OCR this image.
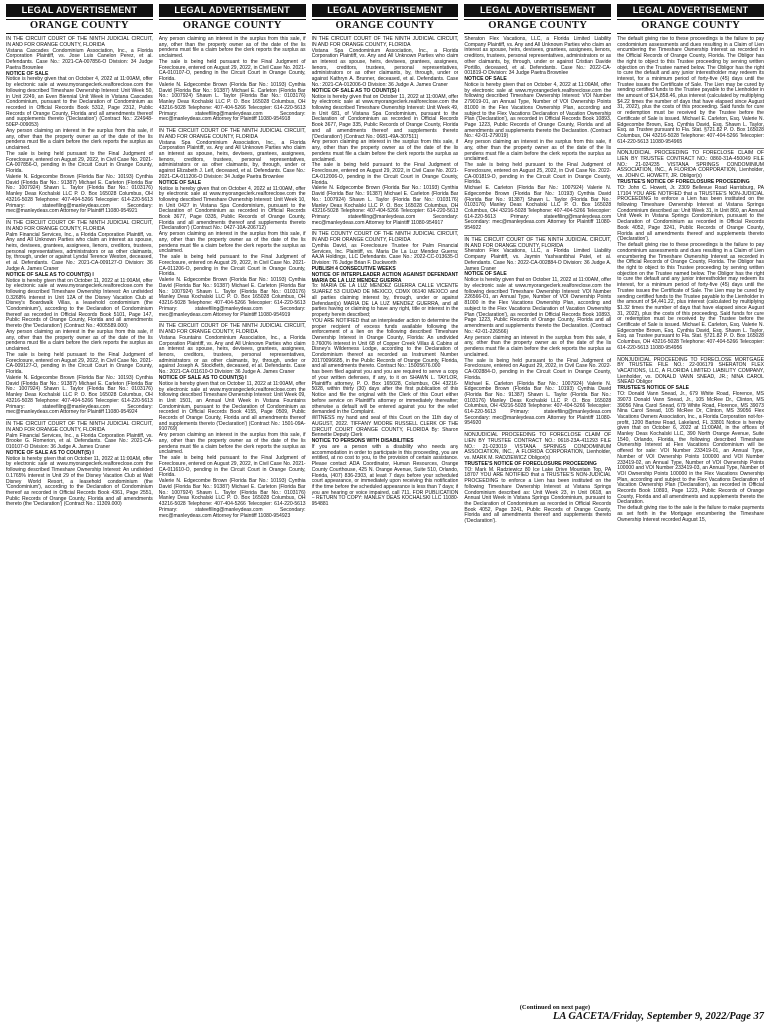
LEGAL ADVERTISEMENT
ORANGE COUNTY

IN THE CIRCUIT COURT OF THE NINTH JUDICIAL CIRCUIT, IN AND FOR ORANGE COUNTY, FLORIDA

Vistana Cascades Condominium Association, Inc., a Florida Corporation Plaintiff, vs. Jose Luis Canelon Perez, et al. Defendants. Case No.: 2021-CA-007856-O Division: 34 Judge Paetra Brownlee

NOTICE OF SALE

Notice is hereby given that on October 4, 2022 at 11:00AM, offer by electronic sale at www.myorangeclerk.realforeclose.com the following described Timeshare Ownership Interest: Unit Week 50, in Unit 2249, an Even Biennial Unit Week in Vistana Cascades Condominium, pursuant to the Declaration of Condominium as recorded in Official Records Book 5312, Page 2312, Public Records of Orange County, Florida and all amendments thereof and supplements thereto ('Declaration') (Contract No.: 224948-50EP-009053)

Any person claiming an interest in the surplus from this sale, if any, other than the property owner as of the date of the lis pendens must file a claim before the clerk reports the surplus as unclaimed.

The sale is being held pursuant to the Final Judgment of Foreclosure, entered on August 29, 2022, in Civil Case No. 2021-CA-007856-O, pending in the Circuit Court in Orange County, Florida.

Valerie N. Edgecombe Brown (Florida Bar No.: 10193) Cynthia David (Florida Bar No.: 91387) Michael E. Carleton (Florida Bar No.: 1007924) Shawn L. Taylor (Florida Bar No.: 0103176) Manley Deas Kochalski LLC P. O. Box 165028 Columbus, OH 43216-5028 Telephone: 407-404-5266 Telecopier: 614-220-5613 Primary: stateefiling@manleydeas.com Secondary: mec@manleydeas.com Attorney for Plaintiff 11080-954921

IN THE CIRCUIT COURT OF THE NINTH JUDICIAL CIRCUIT, IN AND FOR ORANGE COUNTY, FLORIDA

Palm Financial Services, Inc., a Florida Corporation Plaintiff, vs. Any and All Unknown Parties who claim an interest as spouse, heirs, devisees, grantees, assignees, lienors, creditors, trustees, personal representatives, administrators or as other claimants, by, through, under or against Lyndal Terence Weston, deceased, et al. Defendants. Case No.: 2021-CA-009127-O Division: 36 Judge A. James Craner

NOTICE OF SALE AS TO COUNT(S) I

Notice is hereby given that on October 11, 2022 at 11:00AM, offer by electronic sale at www.myorangeclerk.realforeclose.com the following described Timeshare Ownership Interest: An undivided 0.3268% interest in Unit 12A of the Disney Vacation Club at Disney's Boardwalk Villas, a leasehold condominium (the 'Condominium'), according to the Declaration of Condominium thereof as recorded in Official Records Book 5101, Page 147, Public Records of Orange County, Florida and all amendments thereto (the 'Declaration') (Contract No.: 4005589.000)

Any person claiming an interest in the surplus from this sale, if any, other than the property owner as of the date of the lis pendens must file a claim before the clerk reports the surplus as unclaimed.

The sale is being held pursuant to the Final Judgment of Foreclosure, entered on August 29, 2022, in Civil Case No. 2021-CA-009127-O, pending in the Circuit Court in Orange County, Florida.

Valerie N. Edgecombe Brown (Florida Bar No.: 10193) Cynthia David (Florida Bar No.: 91387) Michael E. Carleton (Florida Bar No.: 1007924) Shawn L. Taylor (Florida Bar No.: 0103176) Manley Deas Kochalski LLC P. O. Box 165028 Columbus, OH 43216-5028 Telephone: 407-404-5266 Telecopier: 614-220-5613 Primary: stateefiling@manleydeas.com Secondary: mec@manleydeas.com Attorney for Plaintiff 11080-954924

IN THE CIRCUIT COURT OF THE NINTH JUDICIAL CIRCUIT, IN AND FOR ORANGE COUNTY, FLORIDA

Palm Financial Services, Inc., a Florida Corporation Plaintiff, vs. Brooke G. Romerion, et al. Defendants. Case No.: 2021-CA-010107-O Division: 36 Judge A. James Craner

NOTICE OF SALE AS TO COUNT(S) I

Notice is hereby given that on October 11, 2022 at 11:00AM, offer by electronic sale at www.myorangeclerk.realforeclose.com the following described Timeshare Ownership Interest: An undivided 0.1765% interest in Unit 29 of the Disney Vacation Club at Walt Disney World Resort, a leasehold condominium (the 'Condominium'), according to the Declaration of Condominium thereof as recorded in Official Records Book 4361, Page 2551, Public Records of Orange County, Florida and all amendments thereto (the 'Declaration') (Contract No.: 11309.000)

LEGAL ADVERTISEMENT
ORANGE COUNTY

Any person claiming an interest in the surplus from this sale, if any, other than the property owner as of the date of the lis pendens must file a claim before the clerk reports the surplus as unclaimed.

The sale is being held pursuant to the Final Judgment of Foreclosure, entered on August 29, 2022, in Civil Case No. 2021-CA-010107-O, pending in the Circuit Court in Orange County, Florida.

Valerie N. Edgecombe Brown (Florida Bar No.: 10193) Cynthia David (Florida Bar No.: 91387) Michael E. Carleton (Florida Bar No.: 1007924) Shawn L. Taylor (Florida Bar No.: 0103176) Manley Deas Kochalski LLC P. O. Box 165028 Columbus, OH 43216-5028 Telephone: 407-404-5266 Telecopier: 614-220-5613 Primary: stateefiling@manleydeas.com Secondary: mec@manleydeas.com Attorney for Plaintiff 11080-954918

IN THE CIRCUIT COURT OF THE NINTH JUDICIAL CIRCUIT, IN AND FOR ORANGE COUNTY, FLORIDA

Vistana Spa Condominium Association, Inc., a Florida Corporation Plaintiff, vs. Any and All Unknown Parties who claim an interest as spouse, heirs, devisees, grantees, assignees, lienors, creditors, trustees, personal representatives, administrators or as other claimants, by, through, under or against Elizabeth J. Leif, deceased, et al. Defendants. Case No.: 2021-CA-011206-O Division: 34 Judge Paetra Brownlee

NOTICE OF SALE

Notice is hereby given that on October 4, 2022 at 11:00AM, offer by electronic sale at www.myorangeclerk.realforeclose.com the following described Timeshare Ownership Interest: Unit Week 10, in Unit 0427 in Vistana Spa Condominium, pursuant to the Declaration of Condominium as recorded in Official Records Book 3677, Page 0335, Public Records of Orange County, Florida and all amendments thereof and supplements thereto ('Declaration') (Contract No.: 0427-10A-206712)

Any person claiming an interest in the surplus from this sale, if any, other than the property owner as of the date of the lis pendens must file a claim before the clerk reports the surplus as unclaimed.

The sale is being held pursuant to the Final Judgment of Foreclosure, entered on August 29, 2022, in Civil Case No. 2021-CA-011206-O, pending in the Circuit Court in Orange County, Florida.

Valerie N. Edgecombe Brown (Florida Bar No.: 10193) Cynthia David (Florida Bar No.: 91387) Michael E. Carleton (Florida Bar No.: 1007924) Shawn L. Taylor (Florida Bar No.: 0103176) Manley Deas Kochalski LLC P. O. Box 165028 Columbus, OH 43216-5028 Telephone: 407-404-5266 Telecopier: 614-220-5613 Primary: stateefiling@manleydeas.com Secondary: mec@manleydeas.com Attorney for Plaintiff 11080-954919

IN THE CIRCUIT COURT OF THE NINTH JUDICIAL CIRCUIT, IN AND FOR ORANGE COUNTY, FLORIDA

Vistana Fountains Condominium Association, Inc., a Florida Corporation Plaintiff, vs. Any and All Unknown Parties who claim an interest as spouse, heirs, devisees, grantees, assignees, lienors, creditors, trustees, personal representatives, administrators or as other claimants, by, through, under or against Joseph A. Stockfleth, deceased, et al. Defendants. Case No.: 2021-CA-011610-O Division: 36 Judge A. James Craner

NOTICE OF SALE AS TO COUNT(S) I

Notice is hereby given that on October 11, 2022 at 11:00AM, offer by electronic sale at www.myorangeclerk.realforeclose.com the following described Timeshare Ownership Interest: Unit Week 09, in Unit 1501, an Annual Unit Week in Vistana Fountains Condominium, pursuant to the Declaration of Condominium as recorded in Official Records Book 4155, Page 0509, Public Records of Orange County, Florida and all amendments thereof and supplements thereto ('Declaration') (Contract No.: 1501-09A-910769)

Any person claiming an interest in the surplus from this sale, if any, other than the property owner as of the date of the lis pendens must file a claim before the clerk reports the surplus as unclaimed.

The sale is being held pursuant to the Final Judgment of Foreclosure, entered on August 29, 2022, in Civil Case No. 2021-CA-011610-O, pending in the Circuit Court in Orange County, Florida.

Valerie N. Edgecombe Brown (Florida Bar No.: 10193) Cynthia David (Florida Bar No.: 91387) Michael E. Carleton (Florida Bar No.: 1007924) Shawn L. Taylor (Florida Bar No.: 0103176) Manley Deas Kochalski LLC P. O. Box 165028 Columbus, OH 43216-5028 Telephone: 407-404-5266 Telecopier: 614-220-5613 Primary: stateefiling@manleydeas.com Secondary: mec@manleydeas.com Attorney for Plaintiff 11080-954923

LEGAL ADVERTISEMENT
ORANGE COUNTY

IN THE CIRCUIT COURT OF THE NINTH JUDICIAL CIRCUIT, IN AND FOR ORANGE COUNTY, FLORIDA

Vistana Spa Condominium Association, Inc., a Florida Corporation Plaintiff, vs. Any and All Unknown Parties who claim an interest as spouse, heirs, devisees, grantees, assignees, lienors, creditors, trustees, personal representatives, administrators or as other claimants, by, through, under or against Kathryn A. Brunner, deceased, et al. Defendants. Case No.: 2021-CA-012006-O Division: 36 Judge A. James Craner

NOTICE OF SALE AS TO COUNT(S) I

Notice is hereby given that on October 11, 2022 at 11:00AM, offer by electronic sale at www.myorangeclerk.realforeclose.com the following described Timeshare Ownership Interest: Unit Week 49, in Unit 681, of Vistana Spa Condominium, pursuant to the Declaration of Condominium as recorded in Official Records Book 3677, Page 335, Public Records of Orange County, Florida and all amendments thereof and supplements thereto ('Declaration') (Contract No.: 0681-49A-307511)

Any person claiming an interest in the surplus from this sale, if any, other than the property owner as of the date of the lis pendens must file a claim before the clerk reports the surplus as unclaimed.

The sale is being held pursuant to the Final Judgment of Foreclosure, entered on August 29, 2022, in Civil Case No. 2021-CA-012006-O, pending in the Circuit Court in Orange County, Florida.

Valerie N. Edgecombe Brown (Florida Bar No.: 10193) Cynthia David (Florida Bar No.: 91387) Michael E. Carleton (Florida Bar No.: 1007924) Shawn L. Taylor (Florida Bar No.: 0103176) Manley Deas Kochalski LLC P. O. Box 165028 Columbus, OH 43216-5028 Telephone: 407-404-5266 Telecopier: 614-220-5613 Primary: stateefiling@manleydeas.com Secondary: mec@manleydeas.com Attorney for Plaintiff 11080-954917

IN THE COUNTY COURT OF THE NINTH JUDICIAL CIRCUIT, IN AND FOR ORANGE COUNTY, FLORIDA

Cynthia David, as Foreclosure Trustee for Palm Financial Services, Inc. Plaintiff, vs. Maria De La Luz Mendez Guerra; AAJA Holdings, LLC Defendants. Case No.: 2022-CC-013635-O Division: 76 Judge Brian F. Duckworth

PUBLISH 4 CONSECUTIVE WEEKS

NOTICE OF INTERPLEADER ACTION AGAINST DEFENDANT MARIA DE LA LUZ MENDEZ GUERRA

To: MARIA DE LA LUZ MENDEZ GUERRA CALLE VICENTE SUAREZ 53 CIUDAD DE MEXICO, CDMX 06140 MEXICO and all parties claiming interest by, through, under or against Defendant(s) MARIA DE LA LUZ MENDEZ GUERRA, and all parties having or claiming to have any right, title or interest in the property herein described;

YOU ARE NOTIFIED that an interpleader action to determine the proper recipient of excess funds available following the enforcement of a lien on the following described Timeshare Ownership Interest in Orange County, Florida: An undivided 0.7600% interest in Unit 68 of Copper Creek Villas & Cabins at Disney's Wilderness Lodge, according to the Declaration of Condominium thereof as recorded as Instrument Number 20170096685, in the Public Records of Orange County, Florida, and all amendments thereto. Contract No.: 15005676.000

has been filed against you and you are required to serve a copy of your written defenses, if any, to it on SHAWN L. TAYLOR, Plaintiff's attorney, P. O. Box 165028, Columbus, OH 43216-5028, within thirty (30) days after the first publication of this Notice and file the original with the Clerk of this Court either before service on Plaintiff's attorney or immediately thereafter; otherwise a default will be entered against you for the relief demanded in the Complaint.

WITNESS my hand and seal of this Court on the 11th day of AUGUST, 2022. TIFFANY MOORE RUSSELL CLERK OF THE CIRCUIT COURT ORANGE COUNTY, FLORIDA By: Sharon Bennette Deputy Clerk

NOTICE TO PERSONS WITH DISABILITIES

If you are a person with a disability who needs any accommodation in order to participate in this proceeding, you are entitled, at no cost to you, to the provision of certain assistance. Please contact ADA Coordinator, Human Resources, Orange County Courthouse, 425 N. Orange Avenue, Suite 510, Orlando, Florida, (407) 836-2303, at least 7 days before your scheduled court appearance, or immediately upon receiving this notification if the time before the scheduled appearance is less than 7 days; if you are hearing or voice impaired, call 711. FOR PUBLICATION – RETURN TO COPY: MANLEY DEAS KOCHALSKI LLC 11080-954881

LEGAL ADVERTISEMENT
ORANGE COUNTY

Sheraton Flex Vacations, LLC, a Florida Limited Liability Company Plaintiff, vs. Any and All Unknown Parties who claim an interest as spouse, heirs, devisees, grantees, assignees, lienors, creditors, trustees, personal representatives, administrators or as other claimants, by, through, under or against Cristian Davide Portillo, deceased, et al. Defendants. Case No.: 2022-CA-001819-O Division: 34 Judge Paetra Brownlee

NOTICE OF SALE

Notice is hereby given that on October 4, 2022 at 11:00AM, offer by electronic sale at www.myorangeclerk.realforeclose.com the following described Timeshare Ownership Interest: VOI Number 279019-01, an Annual Type, Number of VOI Ownership Points 81000 in the Flex Vacations Ownership Plan, according and subject to the Flex Vacations Declaration of Vacation Ownership Plan ('Declaration'), as recorded in Official Records Book 10893, Page 1223, Public Records of Orange County, Florida and all amendments and supplements thereto the Declaration. (Contract No.: 42-01-279019)

Any person claiming an interest in the surplus from this sale, if any, other than the property owner as of the date of the lis pendens must file a claim before the clerk reports the surplus as unclaimed.

The sale is being held pursuant to the Final Judgment of Foreclosure, entered on August 25, 2022, in Civil Case No. 2022-CA-001819-O, pending in the Circuit Court in Orange County, Florida.

Michael E. Carleton (Florida Bar No.: 1007924) Valerie N. Edgecombe Brown (Florida Bar No.: 10193) Cynthia David (Florida Bar No.: 91387) Shawn L. Taylor (Florida Bar No.: 0103176) Manley Deas Kochalski LLC P. O. Box 165028 Columbus, OH 43216-5028 Telephone: 407-404-5266 Telecopier: 614-220-5613 Primary: stateefiling@manleydeas.com Secondary: mec@manleydeas.com Attorney for Plaintiff 11080-954922

IN THE CIRCUIT COURT OF THE NINTH JUDICIAL CIRCUIT, IN AND FOR ORANGE COUNTY, FLORIDA

Sheraton Flex Vacations, LLC, a Florida Limited Liability Company Plaintiff, vs. Jaymin Yashvantbhai Patel, et al. Defendants. Case No.: 2022-CA-002884-O Division: 36 Judge A. James Craner

NOTICE OF SALE

Notice is hereby given that on October 11, 2022 at 11:00AM, offer by electronic sale at www.myorangeclerk.realforeclose.com the following described Timeshare Ownership Interest: VOI Number 226566-01, an Annual Type, Number of VOI Ownership Points 81000 in the Flex Vacations Ownership Plan, according and subject to the Flex Vacations Declaration of Vacation Ownership Plan ('Declaration'), as recorded in Official Records Book 10893, Page 1223, Public Records of Orange County, Florida and all amendments and supplements thereto the Declaration. (Contract No.: 42-01-226566)

Any person claiming an interest in the surplus from this sale, if any, other than the property owner as of the date of the lis pendens must file a claim before the clerk reports the surplus as unclaimed.

The sale is being held pursuant to the Final Judgment of Foreclosure, entered on August 29, 2022, in Civil Case No. 2022-CA-002884-O, pending in the Circuit Court in Orange County, Florida.

Michael E. Carleton (Florida Bar No.: 1007924) Valerie N. Edgecombe Brown (Florida Bar No.: 10193) Cynthia David (Florida Bar No.: 91387) Shawn L. Taylor (Florida Bar No.: 0103176) Manley Deas Kochalski LLC P. O. Box 165028 Columbus, OH 43216-5028 Telephone: 407-404-5266 Telecopier: 614-220-5613 Primary: stateefiling@manleydeas.com Secondary: mec@manleydeas.com Attorney for Plaintiff 11080-954920

NONJUDICIAL PROCEEDING TO FORECLOSE CLAIM OF LIEN BY TRUSTEE CONTRACT NO.: 0618-23A-411293 FILE NO.: 21-023019 VISTANA SPRINGS CONDOMINIUM ASSOCIATION, INC., A FLORIDA CORPORATION, Lienholder, vs. MARK M. RADZIEWICZ Obligor(s)

TRUSTEE'S NOTICE OF FORECLOSURE PROCEEDING

TO: Mark M. Radziewicz 80 Ice Lake Drive Mountain Top, PA 18707 YOU ARE NOTIFIED that a TRUSTEE'S NON-JUDICIAL PROCEEDING to enforce a Lien has been instituted on the following Timeshare Ownership Interest at Vistana Springs Condominium described as: Unit Week 23, in Unit 0618, an Annual Unit Week in Vistana Springs Condominium, pursuant to the Declaration of Condominium as recorded in Official Records Book 4052, Page 3241, Public Records of Orange County, Florida and all amendments thereof and supplements thereto ('Declaration').

LEGAL ADVERTISEMENT
ORANGE COUNTY

The default giving rise to these proceedings is the failure to pay condominium assessments and dues resulting in a Claim of Lien encumbering the Timeshare Ownership Interest as recorded in the Official Records of Orange County, Florida. The Obligor has the right to object to this Trustee proceeding by serving written objection on the Trustee named below. The Obligor has the right to cure the default and any junior interestholder may redeem its interest, for a minimum period of forty-five (45) days until the Trustee issues the Certificate of Sale. The Lien may be cured by sending certified funds to the Trustee payable to the Lienholder in the amount of $14,858.46, plus interest (calculated by multiplying $4.22 times the number of days that have elapsed since August 31, 2022), plus the costs of this proceeding. Said funds for cure or redemption must be received by the Trustee before the Certificate of Sale is issued. Michael E. Carleton, Esq. Valerie N. Edgecombe Brown, Esq. Cynthia David, Esq. Shawn L. Taylor, Esq. as Trustee pursuant to Fla. Stat. §721.82 P. O. Box 165028 Columbus, OH 43216-5028 Telephone: 407-404-5266 Telecopier: 614-220-5613 11080-954965

NONJUDICIAL PROCEEDING TO FORECLOSE CLAIM OF LIEN BY TRUSTEE CONTRACT NO.: 0860-31A-450049 FILE NO.: 21-024235 VISTANA SPRINGS CONDOMINIUM ASSOCIATION, INC., A FLORIDA CORPORATION, Lienholder, vs. JOHN C. HOWETT, JR. Obligor(s)

TRUSTEE'S NOTICE OF FORECLOSURE PROCEEDING

TO: John C. Howett, Jr. 2309 Bellevue Road Harrisburg, PA 17104 YOU ARE NOTIFIED that a TRUSTEE'S NON-JUDICIAL PROCEEDING to enforce a Lien has been instituted on the following Timeshare Ownership Interest at Vistana Springs Condominium described as: Unit Week 31, in Unit 860, an Annual Unit Week in Vistana Springs Condominium, pursuant to the Declaration of Condominium as recorded in Official Records Book 4052, Page 3241, Public Records of Orange County, Florida and all amendments thereof and supplements thereto ('Declaration').

The default giving rise to these proceedings is the failure to pay condominium assessments and dues resulting in a Claim of Lien encumbering the Timeshare Ownership Interest as recorded in the Official Records of Orange County, Florida. The Obligor has the right to object to this Trustee proceeding by serving written objection on the Trustee named below. The Obligor has the right to cure the default and any junior interestholder may redeem its interest, for a minimum period of forty-five (45) days until the Trustee issues the Certificate of Sale. The Lien may be cured by sending certified funds to the Trustee payable to the Lienholder in the amount of $4,441.22, plus interest (calculated by multiplying $1.32 times the number of days that have elapsed since August 31, 2022), plus the costs of this proceeding. Said funds for cure or redemption must be received by the Trustee before the Certificate of Sale is issued. Michael E. Carleton, Esq. Valerie N. Edgecombe Brown, Esq. Cynthia David, Esq. Shawn L. Taylor, Esq. as Trustee pursuant to Fla. Stat. §721.82 P. O. Box 165028 Columbus, OH 43216-5028 Telephone: 407-404-5266 Telecopier: 614-220-5613 11080-954956

NONJUDICIAL PROCEEDING TO FORECLOSE MORTGAGE BY TRUSTEE FILE NO.: 22-006179 SHERATON FLEX VACATIONS, LLC, A FLORIDA LIMITED LIABILITY COMPANY, Lienholder, vs. DONALD VANN SNEAD, JR.; NINA CAROL SNEAD Obligor

TRUSTEE'S NOTICE OF SALE

TO: Donald Vann Snead, Jr., 679 White Road, Florence, MS 39073 Donald Vann Snead, Jr., 105 McRee Dr., Clinton, MS 39056 Nina Carol Snead, 679 White Road, Florence, MS 39073 Nina Carol Snead, 105 McRee Dr, Clinton, MS 39056 Flex Vacations Owners Association, Inc., a Florida Corporation not-for-profit, 1200 Bartow Road, Lakeland, FL 33801 Notice is hereby given that on October 6, 2022 at 11:00AM, in the offices of Manley Deas Kochalski LLC, 390 North Orange Avenue, Suite 1540, Orlando, Florida, the following described Timeshare Ownership Interest at Flex Vacations Condominium will be offered for sale: VOI Number 233419-01, an Annual Type, Number of VOI Ownership Points 100000 and VOI Number 233419-02, an Annual Type, Number of VOI Ownership Points 100000 and VOI Number 233419-03, an Annual Type, Number of VOI Ownership Points 100000 in the Flex Vacations Ownership Plan, according and subject to the Flex Vacations Declaration of Vacation Ownership Plan ('Declaration'), as recorded in Official Records Book 10893, Page 1223, Public Records of Orange County, Florida and all amendments and supplements thereto the Declaration.

The default giving rise to the sale is the failure to make payments as set forth in the Mortgage encumbering the Timeshare Ownership Interest recorded August 15,

(Continued on next page)
LA GACETA/Friday, September 9, 2022/Page 37
